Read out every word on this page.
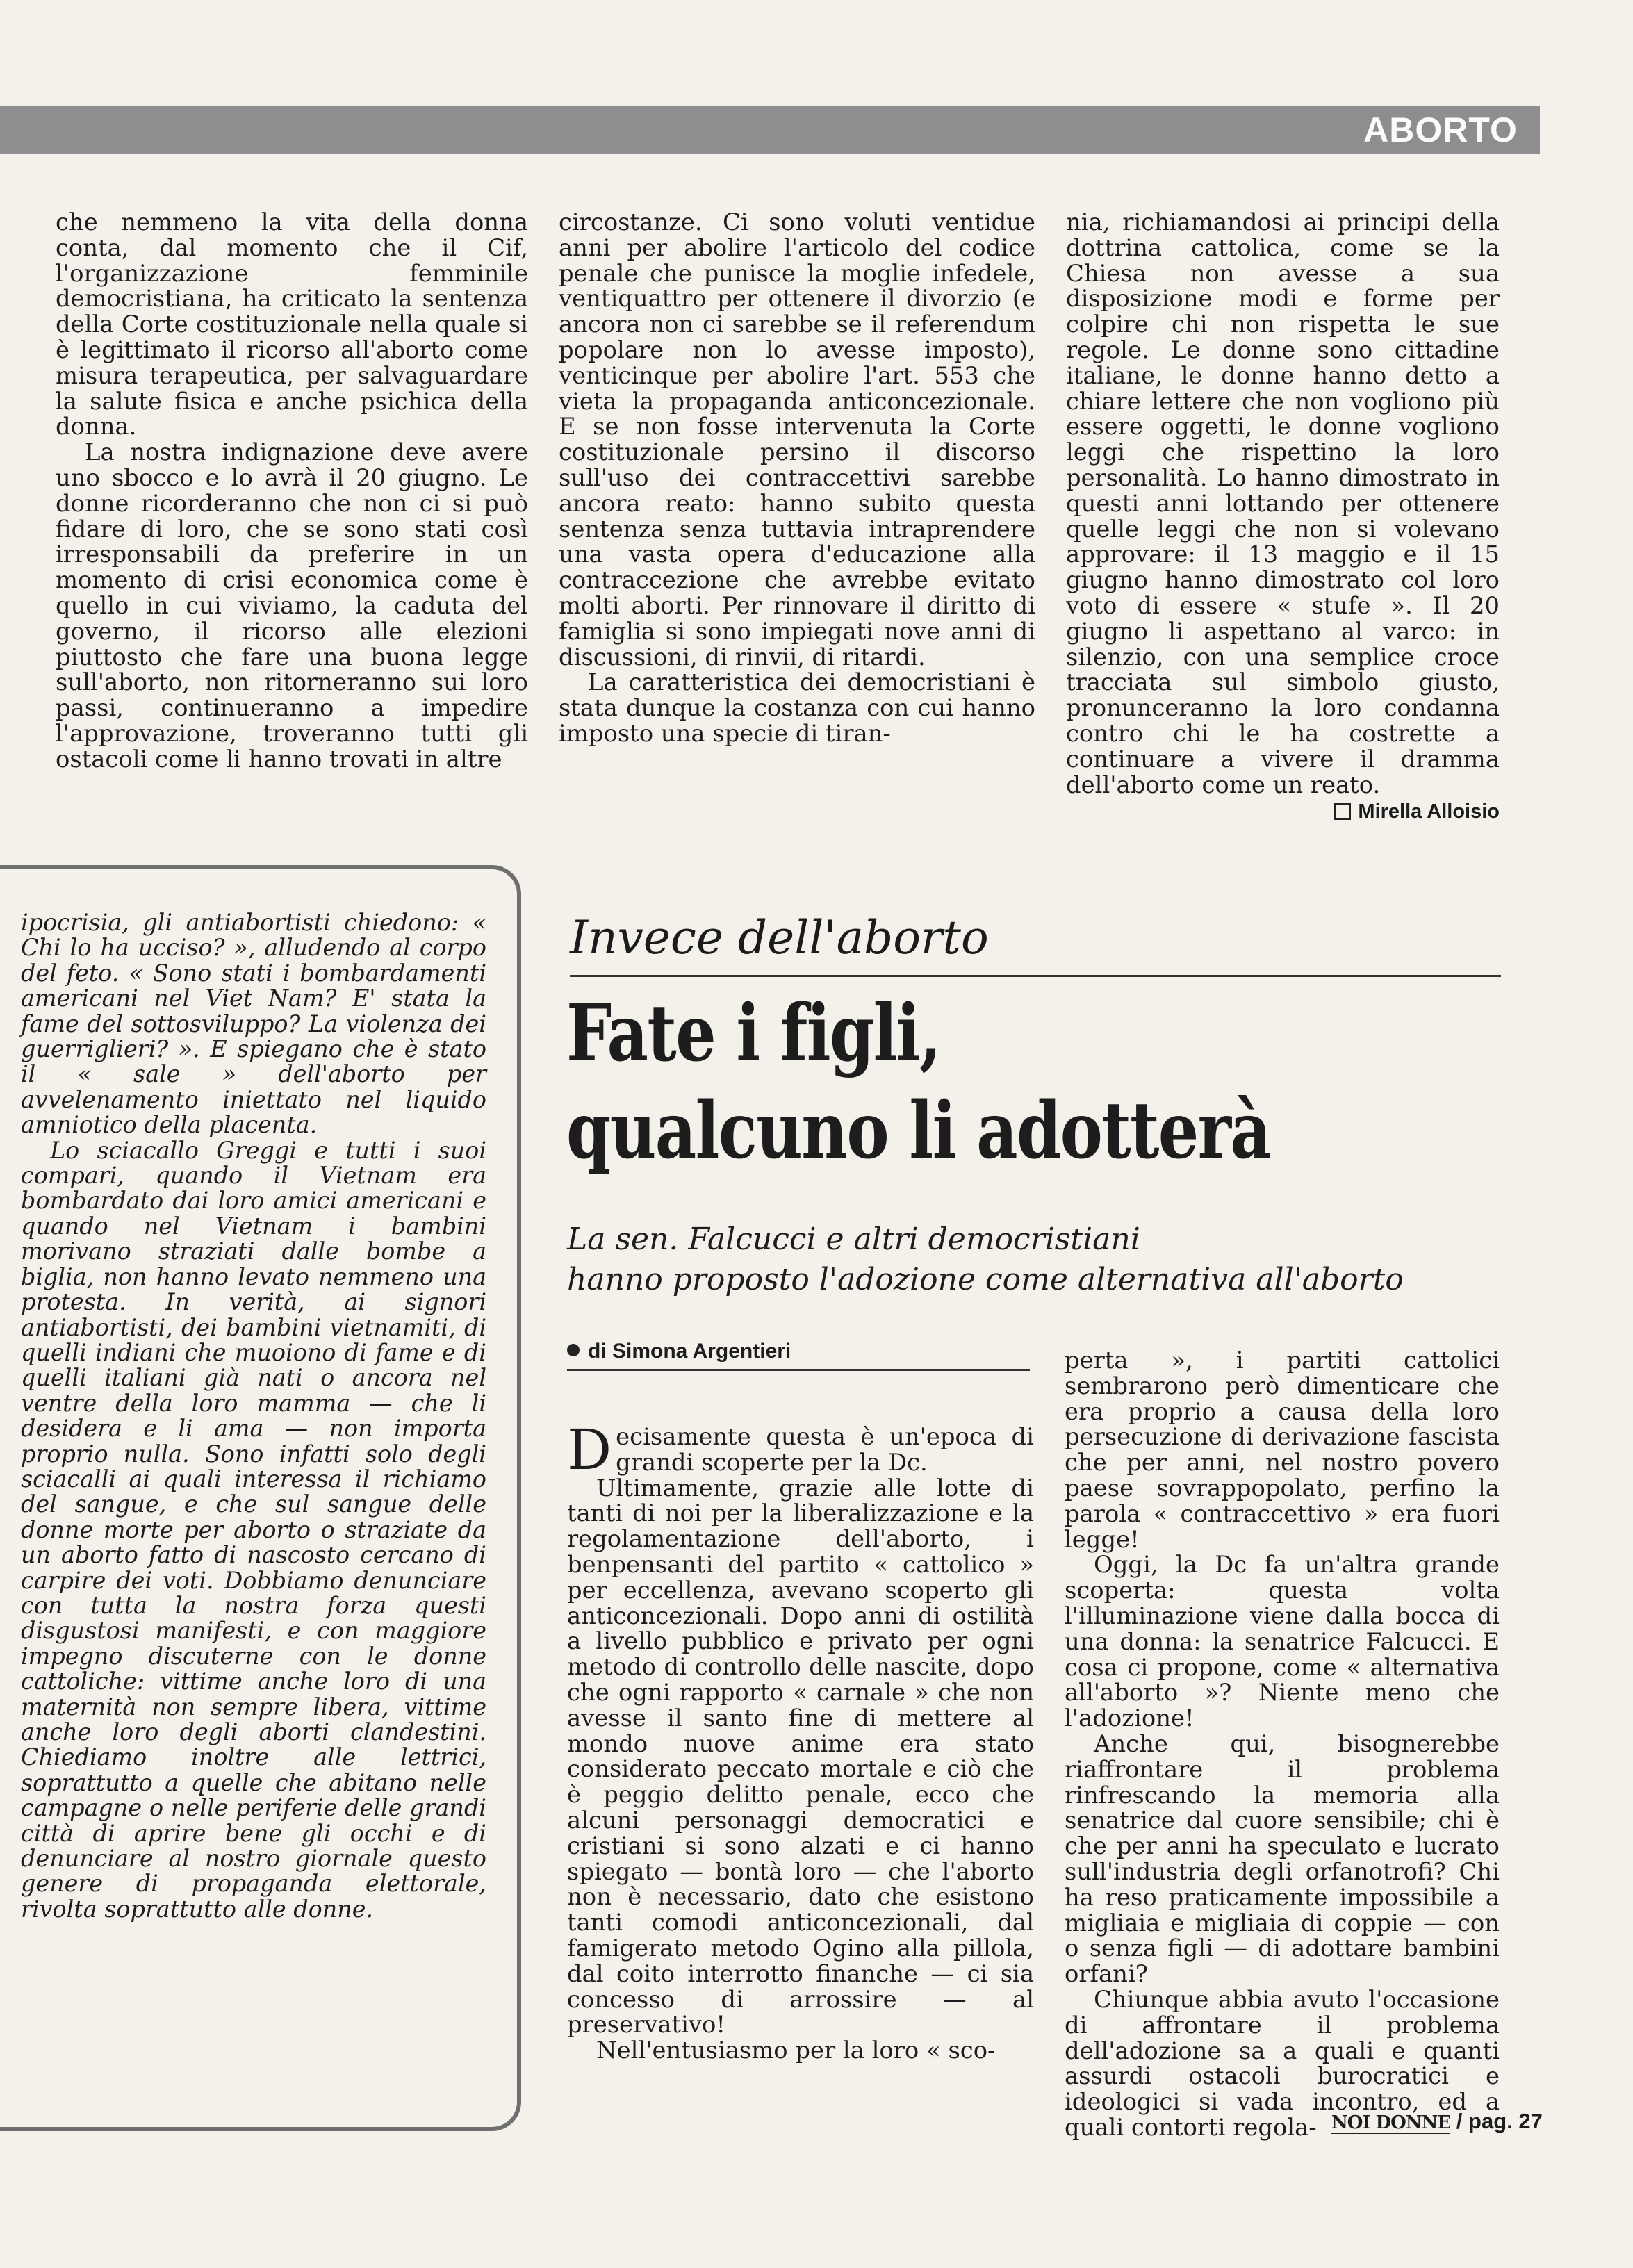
ABORTO

che nemmeno la vita della donna conta, dal momento che il Cif, l'organizzazione femminile democristiana, ha criticato la sentenza della Corte costituzionale nella quale si è legittimato il ricorso all'aborto come misura terapeutica, per salvaguardare la salute fisica e anche psichica della donna.

La nostra indignazione deve avere uno sbocco e lo avrà il 20 giugno. Le donne ricorderanno che non ci si può fidare di loro, che se sono stati così irresponsabili da preferire in un momento di crisi economica come è quello in cui viviamo, la caduta del governo, il ricorso alle elezioni piuttosto che fare una buona legge sull'aborto, non ritorneranno sui loro passi, continueranno a impedire l'approvazione, troveranno tutti gli ostacoli come li hanno trovati in altre

circostanze. Ci sono voluti ventidue anni per abolire l'articolo del codice penale che punisce la moglie infedele, ventiquattro per ottenere il divorzio (e ancora non ci sarebbe se il referendum popolare non lo avesse imposto), venticinque per abolire l'art. 553 che vieta la propaganda anticoncezionale. E se non fosse intervenuta la Corte costituzionale persino il discorso sull'uso dei contraccettivi sarebbe ancora reato: hanno subito questa sentenza senza tuttavia intraprendere una vasta opera d'educazione alla contraccezione che avrebbe evitato molti aborti. Per rinnovare il diritto di famiglia si sono impiegati nove anni di discussioni, di rinvii, di ritardi.

La caratteristica dei democristiani è stata dunque la costanza con cui hanno imposto una specie di tiran-

nia, richiamandosi ai principi della dottrina cattolica, come se la Chiesa non avesse a sua disposizione modi e forme per colpire chi non rispetta le sue regole. Le donne sono cittadine italiane, le donne hanno detto a chiare lettere che non vogliono più essere oggetti, le donne vogliono leggi che rispettino la loro personalità. Lo hanno dimostrato in questi anni lottando per ottenere quelle leggi che non si volevano approvare: il 13 maggio e il 15 giugno hanno dimostrato col loro voto di essere « stufe ». Il 20 giugno li aspettano al varco: in silenzio, con una semplice croce tracciata sul simbolo giusto, pronunceranno la loro condanna contro chi le ha costrette a continuare a vivere il dramma dell'aborto come un reato.

Mirella Alloisio

ipocrisia, gli antiabortisti chiedono: « Chi lo ha ucciso? », alludendo al corpo del feto. « Sono stati i bombardamenti americani nel Viet Nam? E' stata la fame del sottosviluppo? La violenza dei guerriglieri? ». E spiegano che è stato il « sale » dell'aborto per avvelenamento iniettato nel liquido amniotico della placenta.

Lo sciacallo Greggi e tutti i suoi compari, quando il Vietnam era bombardato dai loro amici americani e quando nel Vietnam i bambini morivano straziati dalle bombe a biglia, non hanno levato nemmeno una protesta. In verità, ai signori antiabortisti, dei bambini vietnamiti, di quelli indiani che muoiono di fame e di quelli italiani già nati o ancora nel ventre della loro mamma — che li desidera e li ama — non importa proprio nulla. Sono infatti solo degli sciacalli ai quali interessa il richiamo del sangue, e che sul sangue delle donne morte per aborto o straziate da un aborto fatto di nascosto cercano di carpire dei voti. Dobbiamo denunciare con tutta la nostra forza questi disgustosi manifesti, e con maggiore impegno discuterne con le donne cattoliche: vittime anche loro di una maternità non sempre libera, vittime anche loro degli aborti clandestini. Chiediamo inoltre alle lettrici, soprattutto a quelle che abitano nelle campagne o nelle periferie delle grandi città di aprire bene gli occhi e di denunciare al nostro giornale questo genere di propaganda elettorale, rivolta soprattutto alle donne.

Invece dell'aborto
Fate i figli,
qualcuno li adotterà
La sen. Falcucci e altri democristiani
hanno proposto l'adozione come alternativa all'aborto
di Simona Argentieri

Decisamente questa è un'epoca di grandi scoperte per la Dc.

Ultimamente, grazie alle lotte di tanti di noi per la liberalizzazione e la regolamentazione dell'aborto, i benpensanti del partito « cattolico » per eccellenza, avevano scoperto gli anticoncezionali. Dopo anni di ostilità a livello pubblico e privato per ogni metodo di controllo delle nascite, dopo che ogni rapporto « carnale » che non avesse il santo fine di mettere al mondo nuove anime era stato considerato peccato mortale e ciò che è peggio delitto penale, ecco che alcuni personaggi democratici e cristiani si sono alzati e ci hanno spiegato — bontà loro — che l'aborto non è necessario, dato che esistono tanti comodi anticoncezionali, dal famigerato metodo Ogino alla pillola, dal coito interrotto finanche — ci sia concesso di arrossire — al preservativo!

Nell'entusiasmo per la loro « sco-

perta », i partiti cattolici sembrarono però dimenticare che era proprio a causa della loro persecuzione di derivazione fascista che per anni, nel nostro povero paese sovrappopolato, perfino la parola « contraccettivo » era fuori legge!

Oggi, la Dc fa un'altra grande scoperta: questa volta l'illuminazione viene dalla bocca di una donna: la senatrice Falcucci. E cosa ci propone, come « alternativa all'aborto »? Niente meno che l'adozione!

Anche qui, bisognerebbe riaffrontare il problema rinfrescando la memoria alla senatrice dal cuore sensibile; chi è che per anni ha speculato e lucrato sull'industria degli orfanotrofi? Chi ha reso praticamente impossibile a migliaia e migliaia di coppie — con o senza figli — di adottare bambini orfani?

Chiunque abbia avuto l'occasione di affrontare il problema dell'adozione sa a quali e quanti assurdi ostacoli burocratici e ideologici si vada incontro, ed a quali contorti regola- NOI DONNE / pag. 27
